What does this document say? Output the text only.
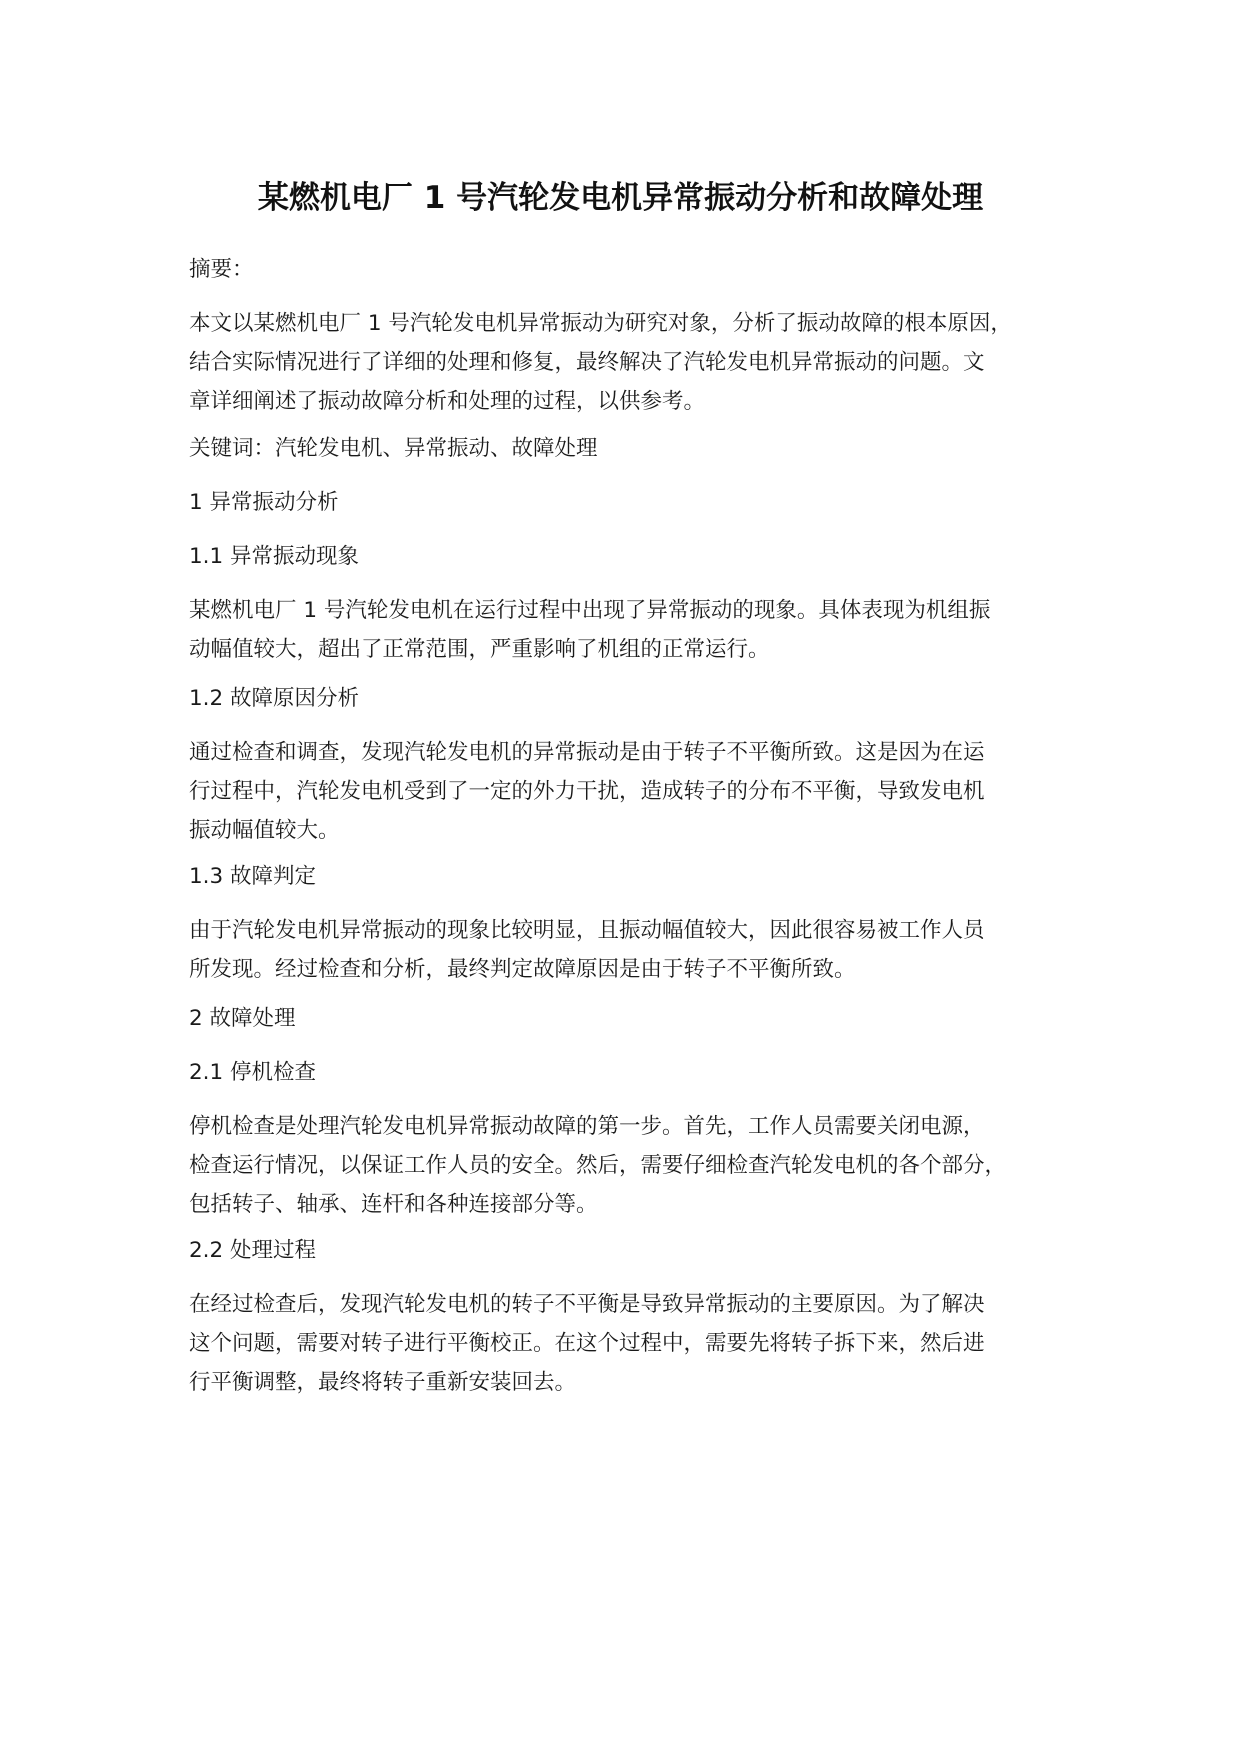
某燃机电厂 1 号汽轮发电机异常振动分析和故障处理

摘要：

本文以某燃机电厂 1 号汽轮发电机异常振动为研究对象，分析了振动故障的根本原因，

结合实际情况进行了详细的处理和修复，最终解决了汽轮发电机异常振动的问题。文

章详细阐述了振动故障分析和处理的过程，以供参考。

关键词：汽轮发电机、异常振动、故障处理

1 异常振动分析

1.1 异常振动现象

某燃机电厂 1 号汽轮发电机在运行过程中出现了异常振动的现象。具体表现为机组振

动幅值较大，超出了正常范围，严重影响了机组的正常运行。

1.2 故障原因分析

通过检查和调查，发现汽轮发电机的异常振动是由于转子不平衡所致。这是因为在运

行过程中，汽轮发电机受到了一定的外力干扰，造成转子的分布不平衡，导致发电机

振动幅值较大。

1.3 故障判定

由于汽轮发电机异常振动的现象比较明显，且振动幅值较大，因此很容易被工作人员

所发现。经过检查和分析，最终判定故障原因是由于转子不平衡所致。

2 故障处理

2.1 停机检查

停机检查是处理汽轮发电机异常振动故障的第一步。首先，工作人员需要关闭电源，

检查运行情况，以保证工作人员的安全。然后，需要仔细检查汽轮发电机的各个部分，

包括转子、轴承、连杆和各种连接部分等。

2.2 处理过程

在经过检查后，发现汽轮发电机的转子不平衡是导致异常振动的主要原因。为了解决

这个问题，需要对转子进行平衡校正。在这个过程中，需要先将转子拆下来，然后进

行平衡调整，最终将转子重新安装回去。
